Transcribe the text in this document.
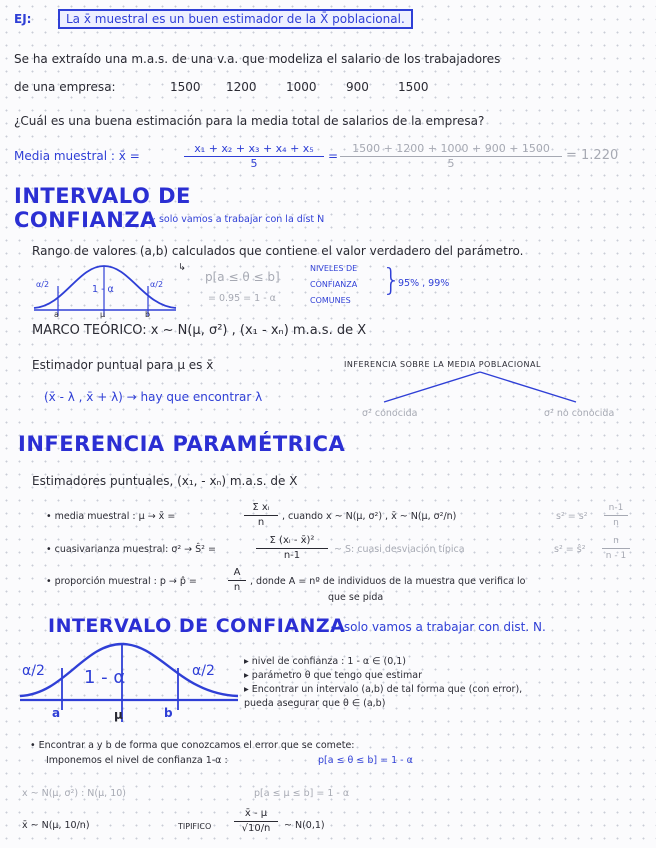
EJ:	La x̄ muestral es un buen estimador de la X̄ poblacional.
Se ha extraído una m.a.s. de una v.a. que modeliza el salario de los trabajadores
de una empresa:	1500 1200 1000 900 1500
¿Cuál es una buena estimación para la media total de salarios de la empresa?
Media muestral : x̄ =	$\frac{\text{x₁ + x₂ + x₃ + x₄ + x₅}}{5} = \frac{1500 + 1200 + 1000 + 900 + 1500}{5} = 1.220$
INTERVALO DE
CONFIANZA
~ solo vamos a trabajar con la dist N
Rango de valores (a,b) calculados que contiene el valor verdadero del parámetro.
α/2	1 - α	α/2
a	μ	b
↳
p[a ≤ θ ≤ b]
= 0.95 = 1 - α
NIVELES DE
CONFIANZA
COMUNES
}
95% , 99%
MARCO TEÓRICO: x ~ N(μ, σ²) , (x₁ - xₙ) m.a.s. de X
Estimador puntual para μ es x̄
(x̄ - λ , x̄ + λ) → hay que encontrar λ
INFERENCIA SOBRE LA MEDIA POBLACIONAL
σ² conocida	σ² no conocida
INFERENCIA PARAMÉTRICA
Estimadores puntuales, (x₁, - xₙ) m.a.s. de X
• media muestral : μ → x̄ =	$\frac{\text{Σ xᵢ}}{n}$ , cuando x ~ N(μ, σ²) , x̄ ~ N(μ, σ²/n)	$s^2 = s^2 \frac{n-1}{n}$
• cuasivarianza muestral: σ² → Ŝ² =	$\frac{\text{Σ (xᵢ - x̄)²}}{n-1}$ ~ S: cuasi desviación típica	s² = ŝ² $\frac{n}{n - 1}$
• proporción muestral : p → p̂ =	$\frac{A}{n}$ , donde A = nº de individuos de la muestra que verifica lo
que se pida
INTERVALO DE CONFIANZA
~ solo vamos a trabajar con dist. N.
α/2 1 - α	α/2
a	μ	b
▸ nivel de confianza : 1 - α ∈ (0,1)
▸ parámetro θ que tengo que estimar
▸ Encontrar un intervalo (a,b) de tal forma que (con error),
pueda asegurar que θ ∈ (a,b)
• Encontrar a y b de forma que conozcamos el error que se comete:
Imponemos el nivel de confianza 1-α :	p[a ≤ θ ≤ b] = 1 - α
x ~ N(μ, σ²) : N(μ, 10)	p[a ≤ μ ≤ b] = 1 - α
x̄ ~ N(μ, 10/n)	TIPIFICO $\frac{x̄ - \mu}{√10/n}$ ~ N(0,1)
